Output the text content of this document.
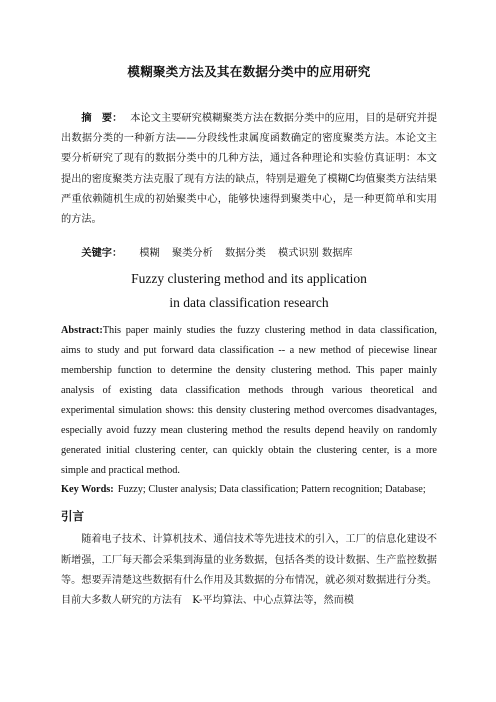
模糊聚类方法及其在数据分类中的应用研究

摘　要： 本论文主要研究模糊聚类方法在数据分类中的应用，目的是研究并提出数据分类的一种新方法——分段线性隶属度函数确定的密度聚类方法。本论文主要分析研究了现有的数据分类中的几种方法，通过各种理论和实验仿真证明：本文提出的密度聚类方法克服了现有方法的缺点，特别是避免了模糊C均值聚类方法结果严重依赖随机生成的初始聚类中心，能够快速得到聚类中心，是一种更简单和实用的方法。

关键字： 模糊 聚类分析 数据分类 模式识别 数据库

Fuzzy clustering method and its application
in data classification research

Abstract:This paper mainly studies the fuzzy clustering method in data classification, aims to study and put forward data classification -- a new method of piecewise linear membership function to determine the density clustering method. This paper mainly analysis of existing data classification methods through various theoretical and experimental simulation shows: this density clustering method overcomes disadvantages, especially avoid fuzzy mean clustering method the results depend heavily on randomly generated initial clustering center, can quickly obtain the clustering center, is a more simple and practical method.

Key Words: Fuzzy; Cluster analysis; Data classification; Pattern recognition; Database;

引言

随着电子技术、计算机技术、通信技术等先进技术的引入，工厂的信息化建设不断增强，工厂每天都会采集到海量的业务数据，包括各类的设计数据、生产监控数据等。想要弄清楚这些数据有什么作用及其数据的分布情况，就必须对数据进行分类。目前大多数人研究的方法有　K-平均算法、中心点算法等，然而模
